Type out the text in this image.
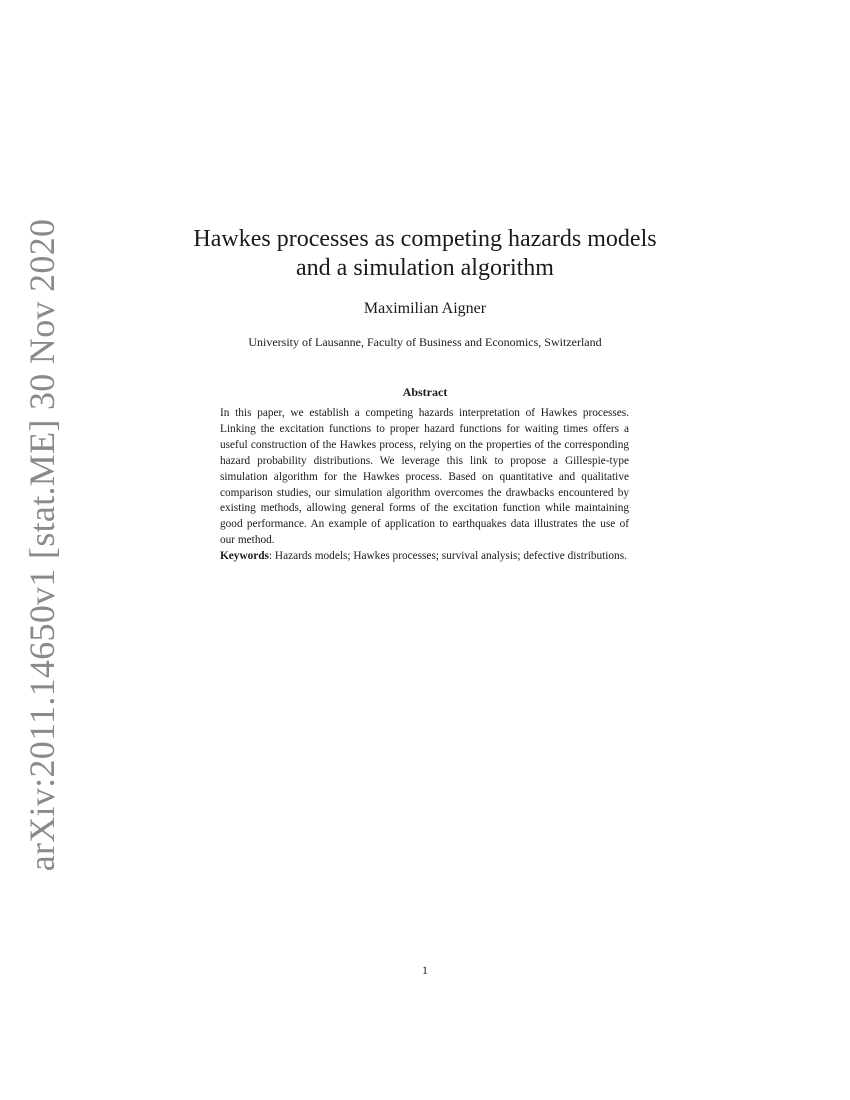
arXiv:2011.14650v1 [stat.ME] 30 Nov 2020	Hawkes processes as competing hazards models
and a simulation algorithm
Maximilian Aigner
University of Lausanne, Faculty of Business and Economics, Switzerland
Abstract

In this paper, we establish a competing hazards interpretation of Hawkes processes. Linking the excitation functions to proper hazard functions for waiting times offers a useful construction of the Hawkes process, relying on the properties of the corresponding hazard probability distributions. We leverage this link to propose a Gillespie-type simulation algorithm for the Hawkes process. Based on quantitative and qualitative comparison studies, our simulation algorithm overcomes the drawbacks encountered by existing methods, allowing general forms of the excitation function while maintaining good performance. An example of application to earthquakes data illustrates the use of our method.

Keywords: Hazards models; Hawkes processes; survival analysis; defective distributions.

1
